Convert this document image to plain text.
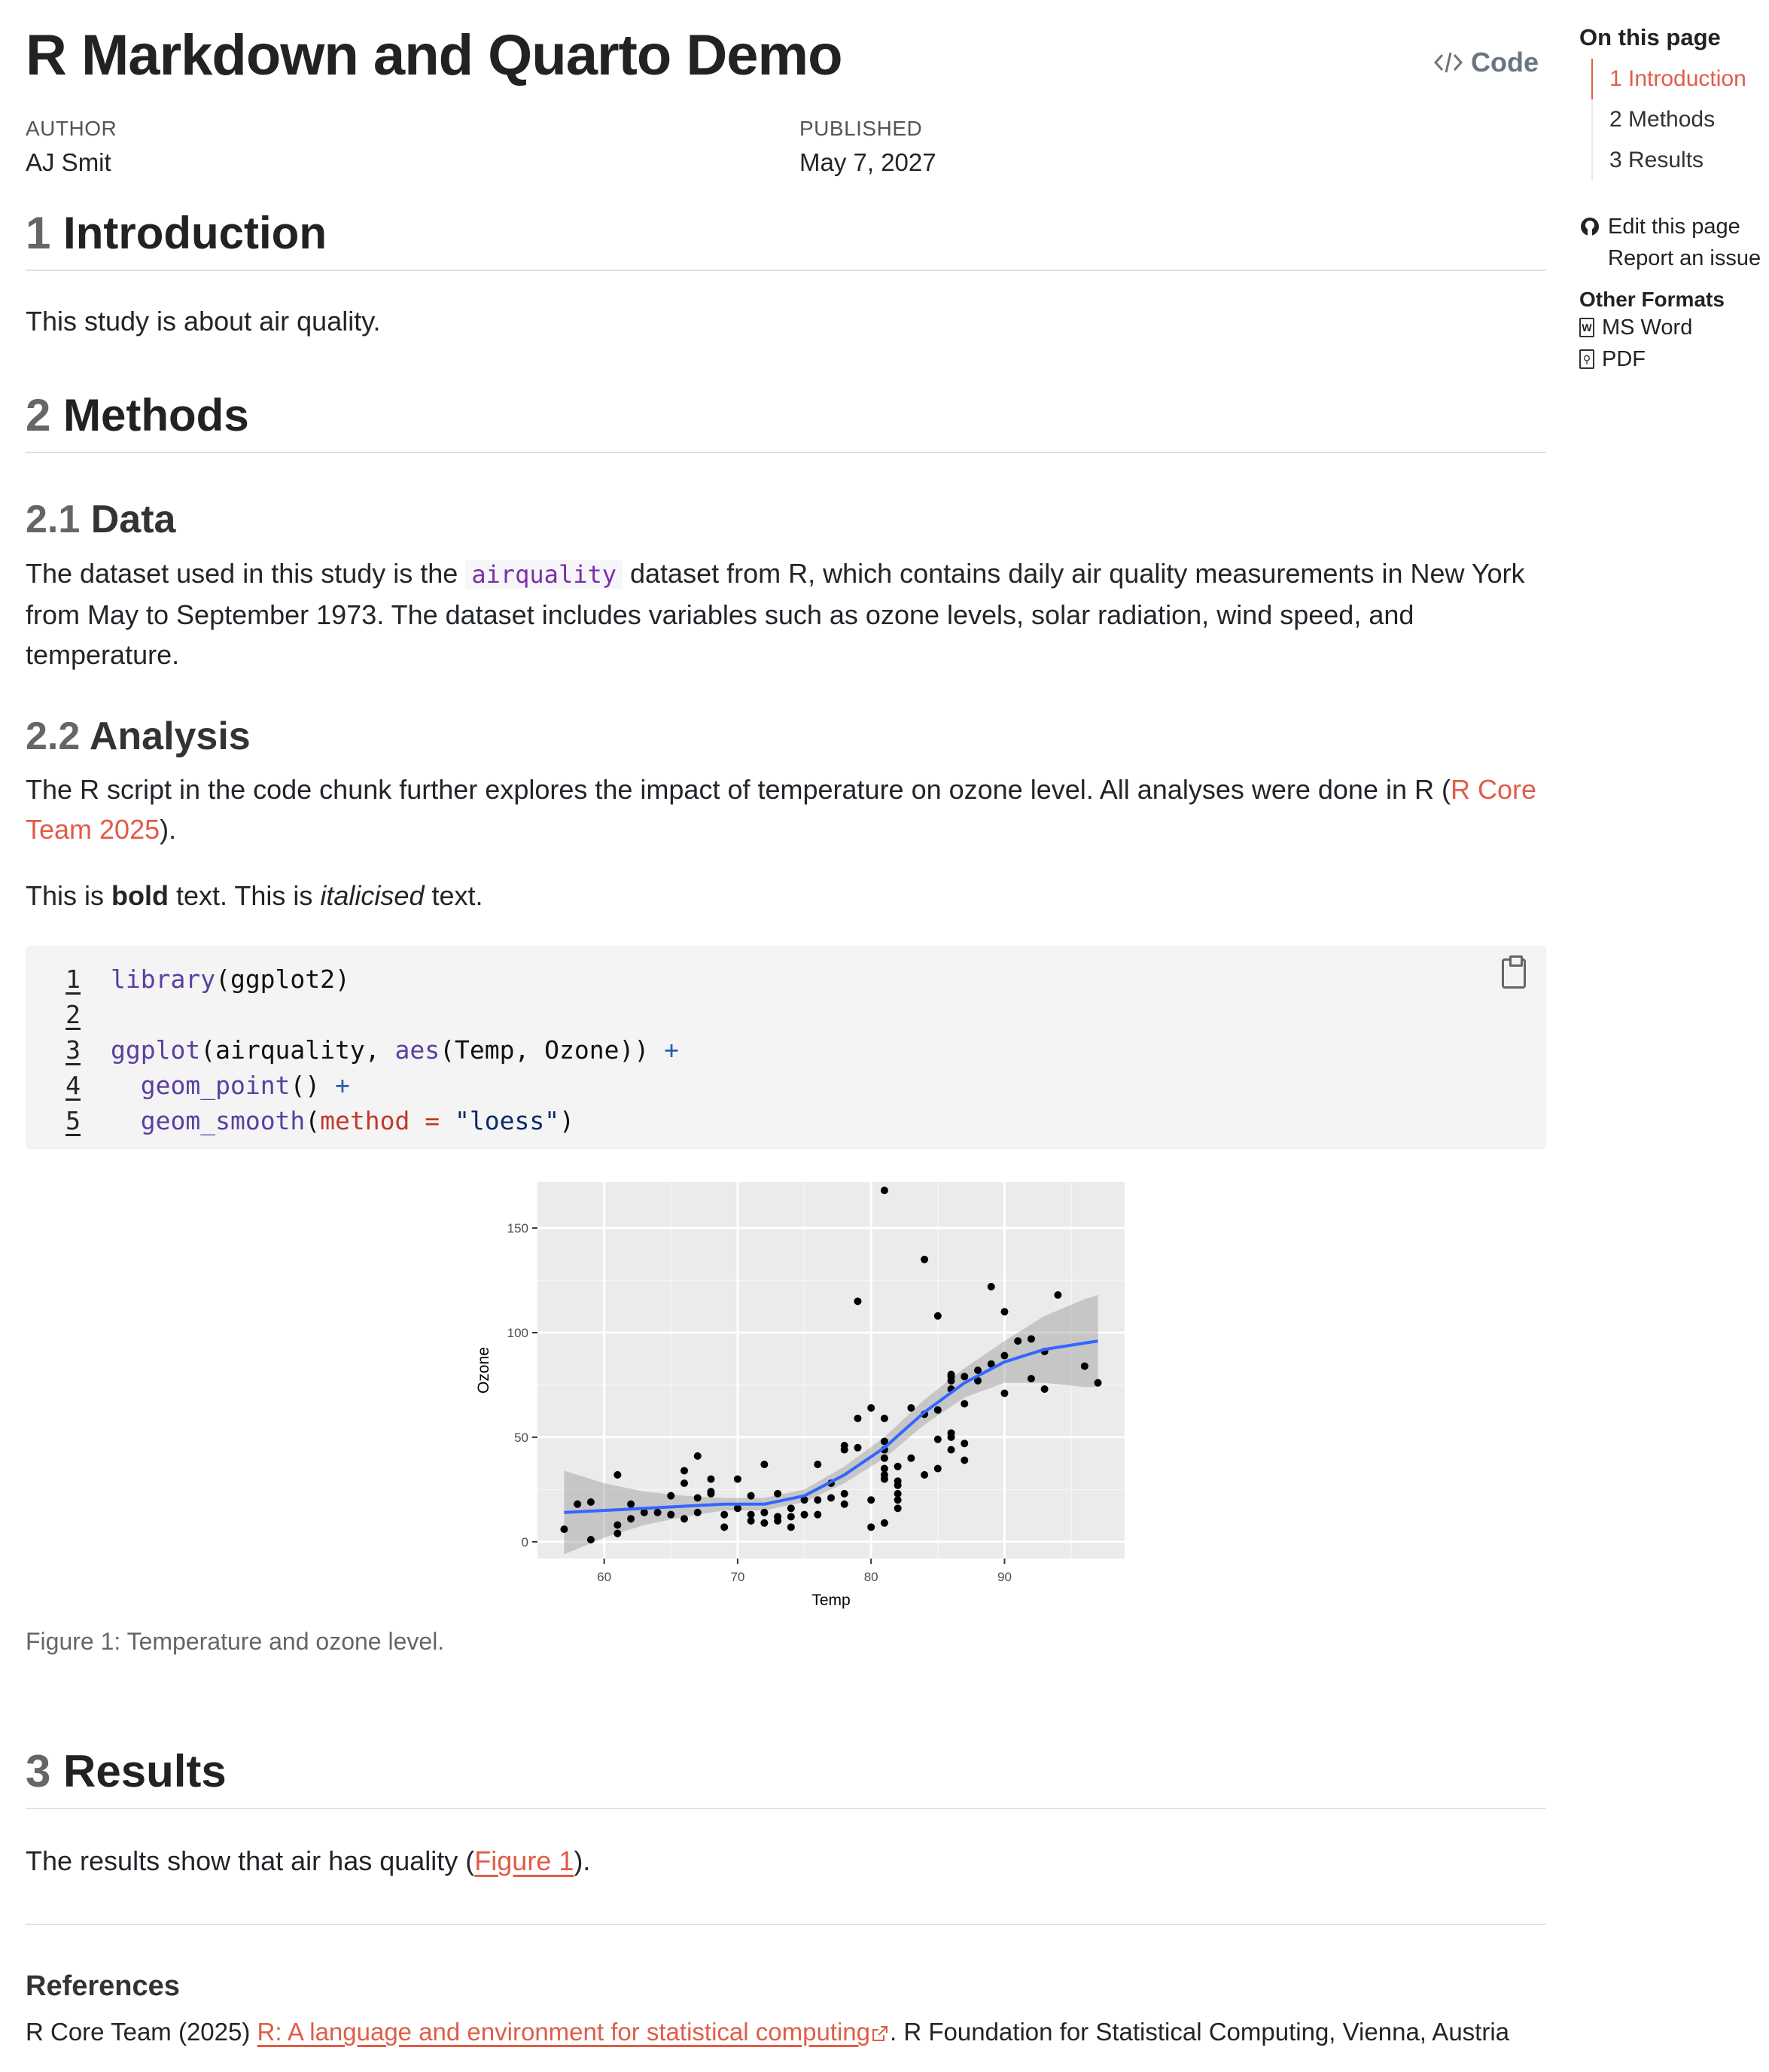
R Markdown and Quarto Demo	Code
AUTHOR
AJ Smit
PUBLISHED
May 7, 2027
1 Introduction

This study is about air quality.

2 Methods
2.1 Data

The dataset used in this study is the airquality dataset from R, which contains daily air quality measurements in New York
from May to September 1973. The dataset includes variables such as ozone levels, solar radiation, wind speed, and
temperature.

2.2 Analysis

The R script in the code chunk further explores the impact of temperature on ozone level. All analyses were done in R (R Core
Team 2025).

This is bold text. This is italicised text.

1 library(ggplot2)
2
3 ggplot(airquality, aes(Temp, Ozone)) +
4	geom_point() +
5	geom_smooth(method = "loess")
60	70	80	90
0
50
100
150
Temp
Ozone
Figure 1: Temperature and ozone level.
3 Results

The results show that air has quality (Figure 1).

References
R Core Team (2025) R: A language and environment for statistical computing . R Foundation for Statistical Computing, Vienna, Austria
On this page
1 Introduction
2 Methods
3 Results
Edit this page
Report an issue
Other Formats
W MS Word
⚲ PDF
